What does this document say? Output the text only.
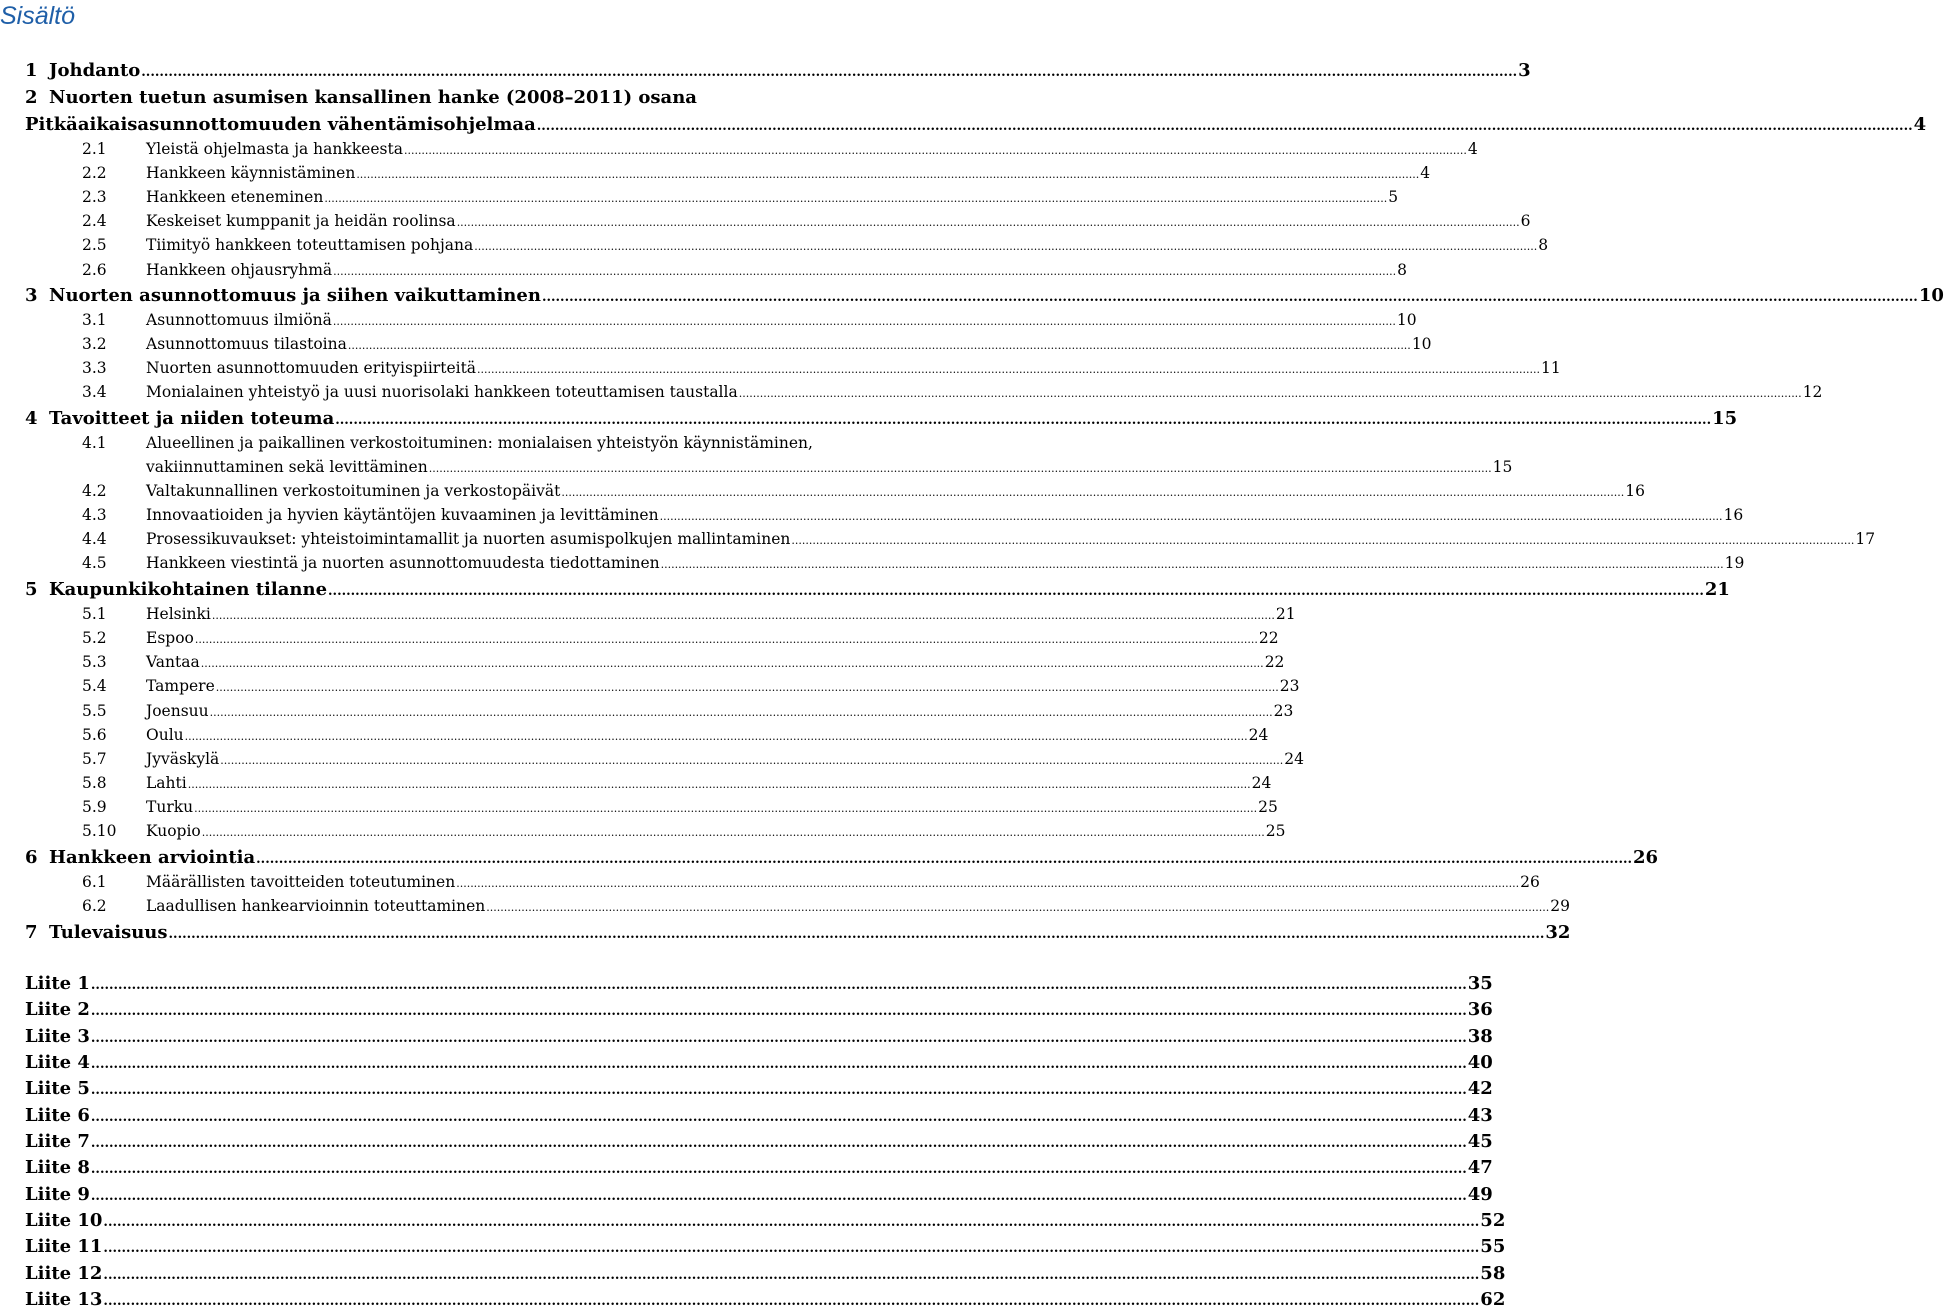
Sisältö
1 Johdanto .....	3
2 Nuorten tuetun asumisen kansallinen hanke (2008–2011) osana
Pitkäaikaisasunnottomuuden vähentämisohjelmaa .....	4
2.1	Yleistä ohjelmasta ja hankkeesta .....	4
2.2	Hankkeen käynnistäminen .....	4
2.3	Hankkeen eteneminen .....	5
2.4	Keskeiset kumppanit ja heidän roolinsa .....	6
2.5	Tiimityö hankkeen toteuttamisen pohjana .....	8
2.6	Hankkeen ohjausryhmä .....	8
3 Nuorten asunnottomuus ja siihen vaikuttaminen .....	10
3.1	Asunnottomuus ilmiönä .....	10
3.2	Asunnottomuus tilastoina .....	10
3.3	Nuorten asunnottomuuden erityispiirteitä .....	11
3.4	Monialainen yhteistyö ja uusi nuorisolaki hankkeen toteuttamisen taustalla .....	12
4 Tavoitteet ja niiden toteuma .....	15
4.1	Alueellinen ja paikallinen verkostoituminen: monialaisen yhteistyön käynnistäminen,
vakiinnuttaminen sekä levittäminen .....	15
4.2	Valtakunnallinen verkostoituminen ja verkostopäivät .....	16
4.3	Innovaatioiden ja hyvien käytäntöjen kuvaaminen ja levittäminen .....	16
4.4	Prosessikuvaukset: yhteistoimintamallit ja nuorten asumispolkujen mallintaminen .....	17
4.5	Hankkeen viestintä ja nuorten asunnottomuudesta tiedottaminen .....	19
5 Kaupunkikohtainen tilanne .....	21
5.1	Helsinki .....	21
5.2	Espoo .....	22
5.3	Vantaa .....	22
5.4	Tampere .....	23
5.5	Joensuu .....	23
5.6	Oulu .....	24
5.7	Jyväskylä .....	24
5.8	Lahti .....	24
5.9	Turku .....	25
5.10	Kuopio .....	25
6 Hankkeen arviointia .....	26
6.1	Määrällisten tavoitteiden toteutuminen .....	26
6.2	Laadullisen hankearvioinnin toteuttaminen .....	29
7 Tulevaisuus .....	32
Liite 1 .....	35
Liite 2 .....	36
Liite 3 .....	38
Liite 4 .....	40
Liite 5 .....	42
Liite 6 .....	43
Liite 7 .....	45
Liite 8 .....	47
Liite 9 .....	49
Liite 10 .....	52
Liite 11 .....	55
Liite 12 .....	58
Liite 13 .....	62
